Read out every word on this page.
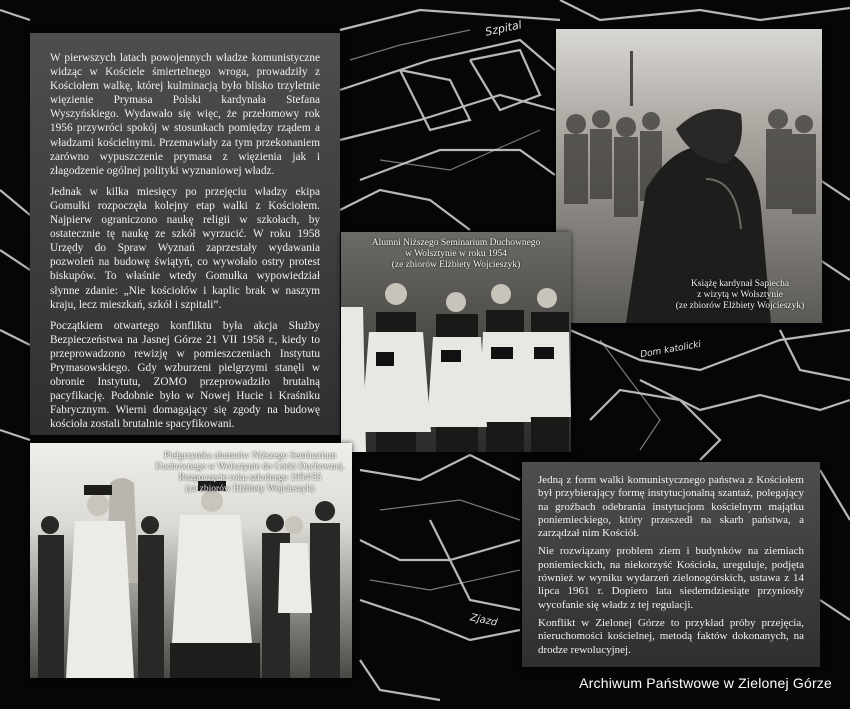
Szpital
Dom katolicki
Zjazd

W pierwszych latach powojennych władze komunistyczne widząc w Kościele śmiertelnego wroga, prowadziły z Kościołem walkę, której kulminacją było blisko trzyletnie więzienie Prymasa Polski kardynała Stefana Wyszyńskiego. Wydawało się więc, że przełomowy rok 1956 przywróci spokój w stosunkach pomiędzy rządem a władzami kościelnymi. Przemawiały za tym przekonaniem zarówno wypuszczenie prymasa z więzienia jak i złagodzenie ogólnej polityki wyznaniowej władz.

Jednak w kilka miesięcy po przejęciu władzy ekipa Gomułki rozpoczęła kolejny etap walki z Kościołem. Najpierw ograniczono naukę religii w szkołach, by ostatecznie tę naukę ze szkół wyrzucić. W roku 1958 Urzędy do Spraw Wyznań zaprzestały wydawania pozwoleń na budowę świątyń, co wywołało ostry protest biskupów. To właśnie wtedy Gomułka wypowiedział słynne zdanie: „Nie kościołów i kaplic brak w naszym kraju, lecz mieszkań, szkół i szpitali”.

Początkiem otwartego konfliktu była akcja Służby Bezpieczeństwa na Jasnej Górze 21 VII 1958 r., kiedy to przeprowadzono rewizję w pomieszczeniach Instytutu Prymasowskiego. Gdy wzburzeni pielgrzymi stanęli w obronie Instytutu, ZOMO przeprowadziło brutalną pacyfikację. Podobnie było w Nowej Hucie i Kraśniku Fabrycznym. Wierni domagający się zgody na budowę kościoła zostali brutalnie spacyfikowani.

Książę kardynał Sapiecha
z wizytą w Wolsztynie
(ze zbiorów Elżbiety Wojcieszyk)
Alumni Niższego Seminarium Duchownego
w Wolsztynie w roku 1954
(ze zbiorów Elżbiety Wojcieszyk)
Pielgrzymka alumnów Niższego Seminarium
Duchownego w Wolsztynie do Górki Duchownej.
Rozpoczęcie roku szkolnego 1954/55
(ze zbiorów Elżbiety Wojcieszyk)

Jedną z form walki komunistycznego państwa z Kościołem był przybierający formę instytucjonalną szantaż, polegający na groźbach odebrania instytucjom kościelnym majątku poniemieckiego, który przeszedł na skarb państwa, a zarządzał nim Kościół.

Nie rozwiązany problem ziem i budynków na ziemiach poniemieckich, na niekorzyść Kościoła, ureguluje, podjęta również w wyniku wydarzeń zielonogórskich, ustawa z 14 lipca 1961 r. Dopiero lata siedemdziesiąte przyniosły wycofanie się władz z tej regulacji.

Konflikt w Zielonej Górze to przykład próby przejęcia, nieruchomości kościelnej, metodą faktów dokonanych, na drodze rewolucyjnej.

Archiwum Państwowe w Zielonej Górze
